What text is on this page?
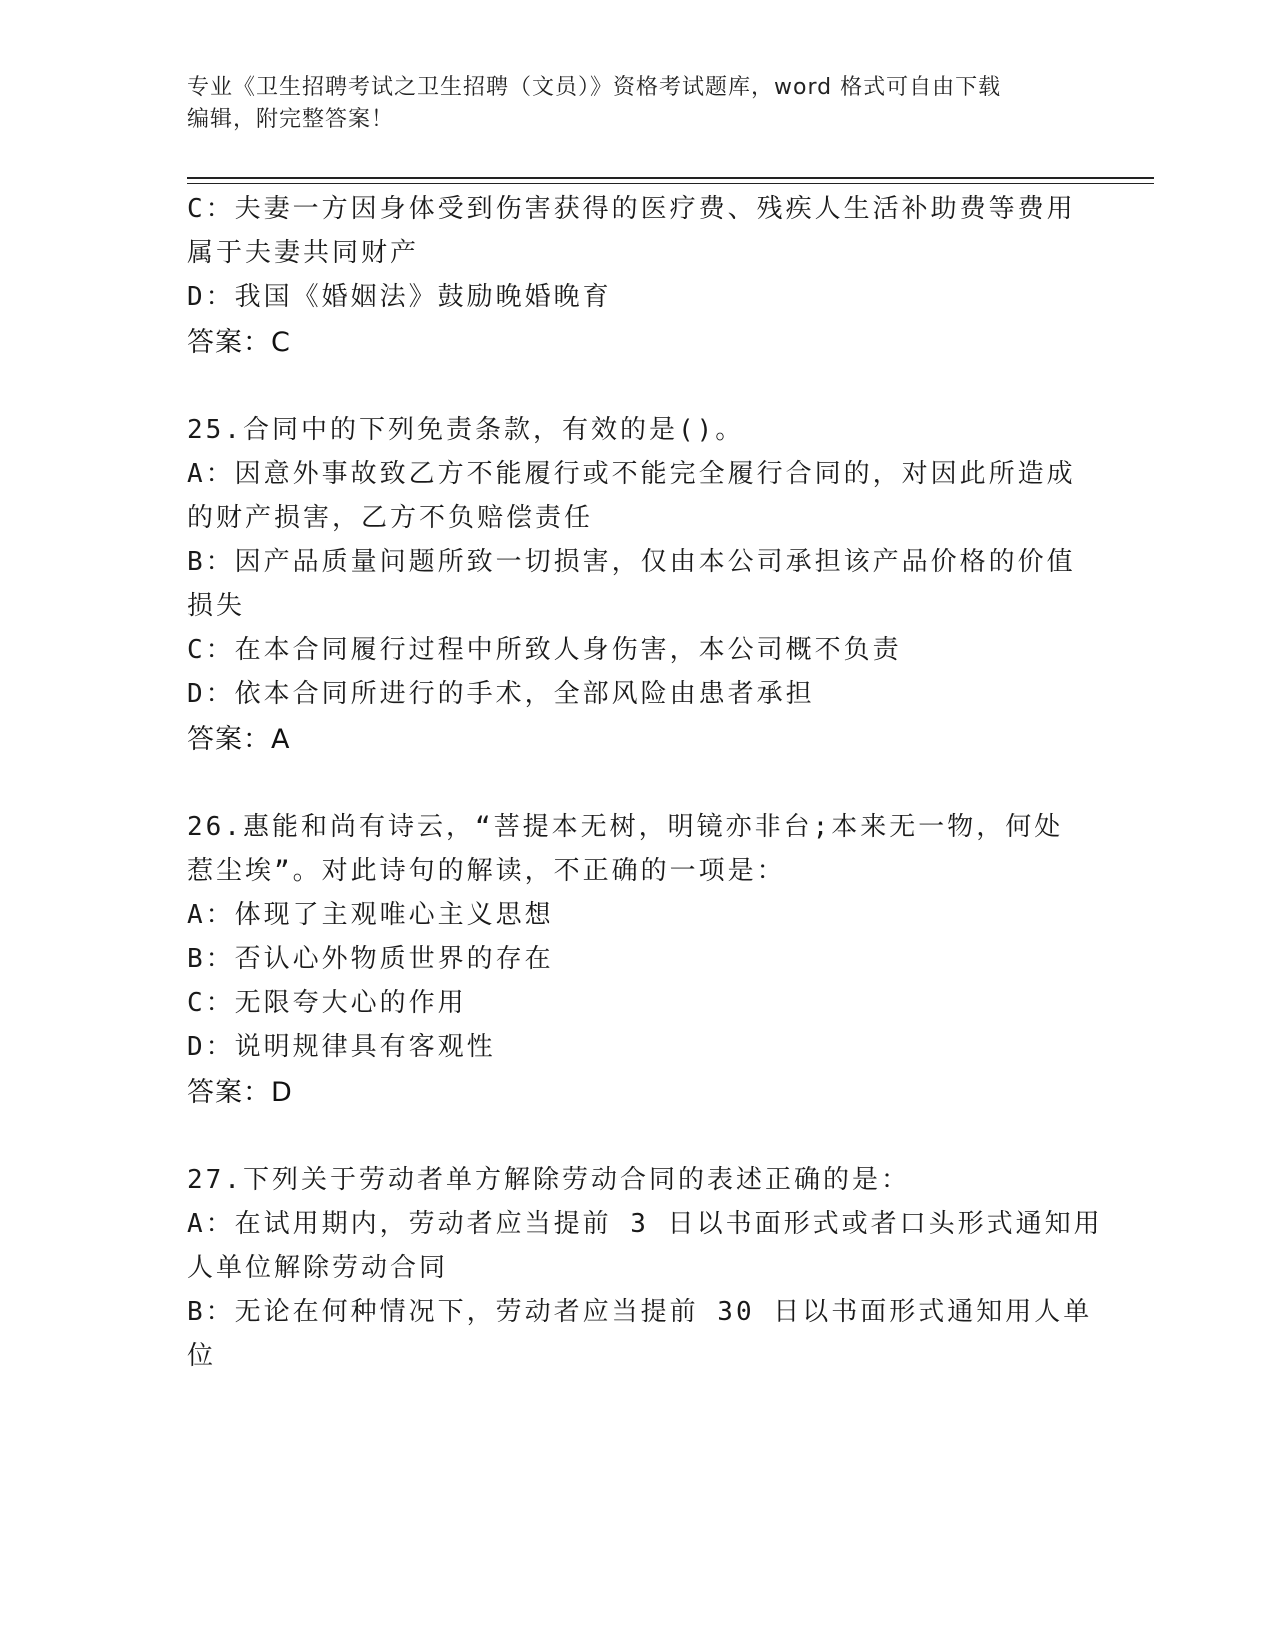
专业《卫生招聘考试之卫生招聘（文员）》资格考试题库，word 格式可自由下载
编辑，附完整答案！
C：夫妻一方因身体受到伤害获得的医疗费、残疾人生活补助费等费用
属于夫妻共同财产
D：我国《婚姻法》鼓励晚婚晚育
答案：C
25.合同中的下列免责条款，有效的是()。
A：因意外事故致乙方不能履行或不能完全履行合同的，对因此所造成
的财产损害，乙方不负赔偿责任
B：因产品质量问题所致一切损害，仅由本公司承担该产品价格的价值
损失
C：在本合同履行过程中所致人身伤害，本公司概不负责
D：依本合同所进行的手术，全部风险由患者承担
答案：A
26.惠能和尚有诗云，“菩提本无树，明镜亦非台;本来无一物，何处
惹尘埃”。对此诗句的解读，不正确的一项是：
A：体现了主观唯心主义思想
B：否认心外物质世界的存在
C：无限夸大心的作用
D：说明规律具有客观性
答案：D
27.下列关于劳动者单方解除劳动合同的表述正确的是：
A：在试用期内，劳动者应当提前 3 日以书面形式或者口头形式通知用
人单位解除劳动合同
B：无论在何种情况下，劳动者应当提前 30 日以书面形式通知用人单
位
